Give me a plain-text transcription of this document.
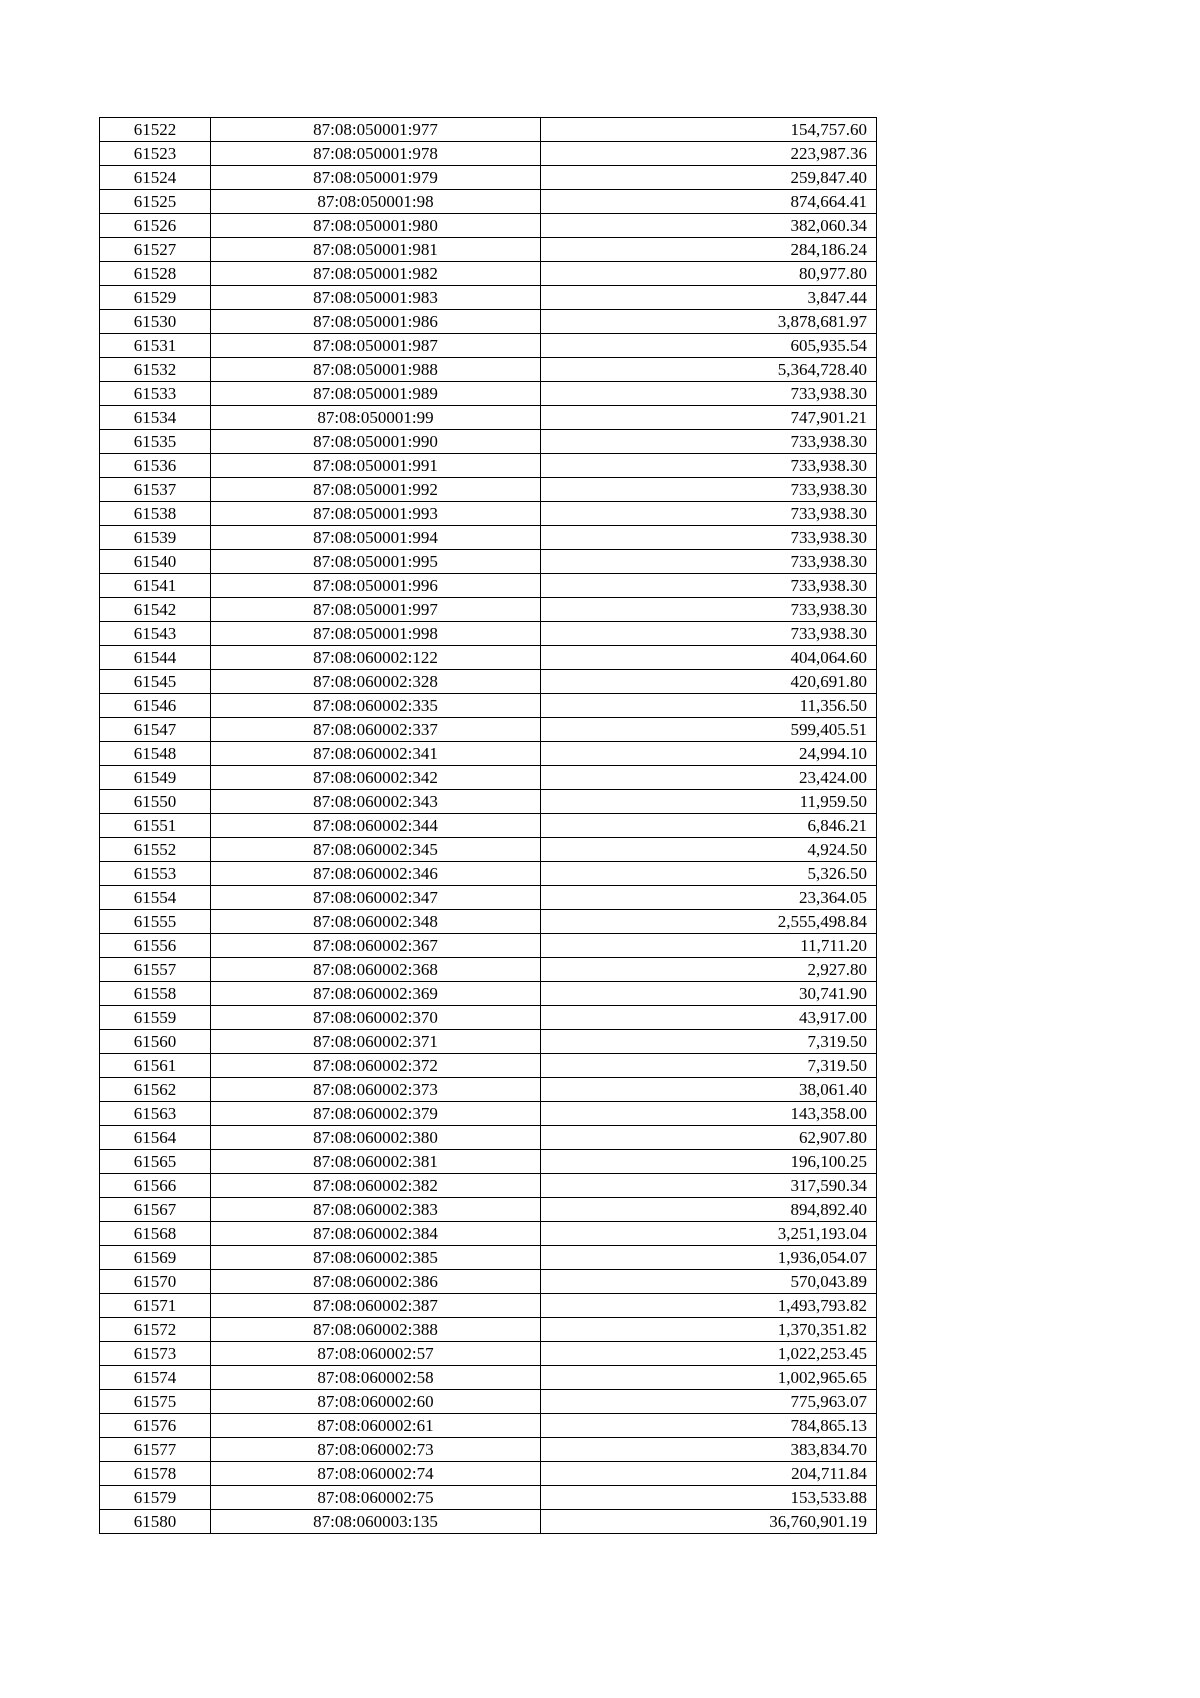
61522	87:08:050001:977	154,757.60
61523	87:08:050001:978	223,987.36
61524	87:08:050001:979	259,847.40
61525	87:08:050001:98	874,664.41
61526	87:08:050001:980	382,060.34
61527	87:08:050001:981	284,186.24
61528	87:08:050001:982	80,977.80
61529	87:08:050001:983	3,847.44
61530	87:08:050001:986	3,878,681.97
61531	87:08:050001:987	605,935.54
61532	87:08:050001:988	5,364,728.40
61533	87:08:050001:989	733,938.30
61534	87:08:050001:99	747,901.21
61535	87:08:050001:990	733,938.30
61536	87:08:050001:991	733,938.30
61537	87:08:050001:992	733,938.30
61538	87:08:050001:993	733,938.30
61539	87:08:050001:994	733,938.30
61540	87:08:050001:995	733,938.30
61541	87:08:050001:996	733,938.30
61542	87:08:050001:997	733,938.30
61543	87:08:050001:998	733,938.30
61544	87:08:060002:122	404,064.60
61545	87:08:060002:328	420,691.80
61546	87:08:060002:335	11,356.50
61547	87:08:060002:337	599,405.51
61548	87:08:060002:341	24,994.10
61549	87:08:060002:342	23,424.00
61550	87:08:060002:343	11,959.50
61551	87:08:060002:344	6,846.21
61552	87:08:060002:345	4,924.50
61553	87:08:060002:346	5,326.50
61554	87:08:060002:347	23,364.05
61555	87:08:060002:348	2,555,498.84
61556	87:08:060002:367	11,711.20
61557	87:08:060002:368	2,927.80
61558	87:08:060002:369	30,741.90
61559	87:08:060002:370	43,917.00
61560	87:08:060002:371	7,319.50
61561	87:08:060002:372	7,319.50
61562	87:08:060002:373	38,061.40
61563	87:08:060002:379	143,358.00
61564	87:08:060002:380	62,907.80
61565	87:08:060002:381	196,100.25
61566	87:08:060002:382	317,590.34
61567	87:08:060002:383	894,892.40
61568	87:08:060002:384	3,251,193.04
61569	87:08:060002:385	1,936,054.07
61570	87:08:060002:386	570,043.89
61571	87:08:060002:387	1,493,793.82
61572	87:08:060002:388	1,370,351.82
61573	87:08:060002:57	1,022,253.45
61574	87:08:060002:58	1,002,965.65
61575	87:08:060002:60	775,963.07
61576	87:08:060002:61	784,865.13
61577	87:08:060002:73	383,834.70
61578	87:08:060002:74	204,711.84
61579	87:08:060002:75	153,533.88
61580	87:08:060003:135	36,760,901.19
